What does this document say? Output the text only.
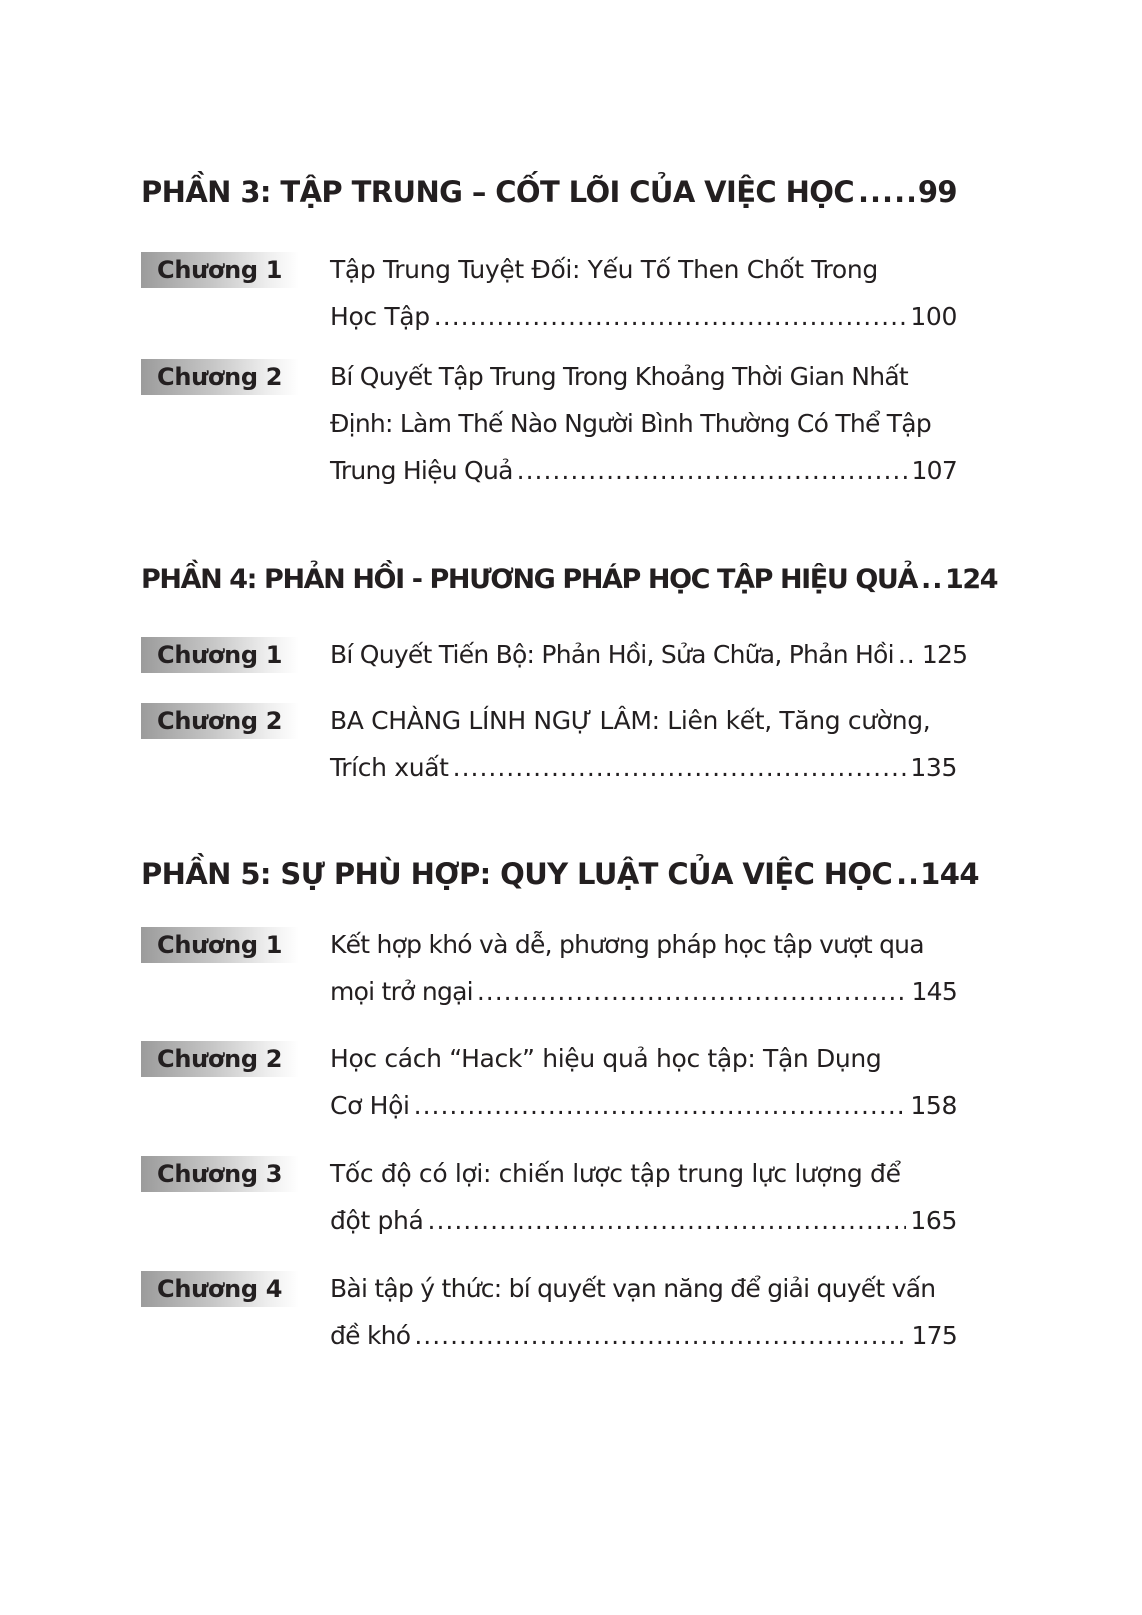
PHẦN 3: TẬP TRUNG – CỐT LÕI CỦA VIỆC HỌC ..... 99
Chương 1	Tập Trung Tuyệt Đối: Yếu Tố Then Chốt Trong
Học Tập .....	100
Chương 2	Bí Quyết Tập Trung Trong Khoảng Thời Gian Nhất
Định: Làm Thế Nào Người Bình Thường Có Thể Tập
Trung Hiệu Quả .....	107
PHẦN 4: PHẢN HỒI - PHƯƠNG PHÁP HỌC TẬP HIỆU QUẢ ..... 124
Chương 1	Bí Quyết Tiến Bộ: Phản Hồi, Sửa Chữa, Phản Hồi ..... 125
Chương 2	BA CHÀNG LÍNH NGỰ LÂM: Liên kết, Tăng cường,
Trích xuất .....	135
PHẦN 5: SỰ PHÙ HỢP: QUY LUẬT CỦA VIỆC HỌC ..... 144
Chương 1	Kết hợp khó và dễ, phương pháp học tập vượt qua
mọi trở ngại .....	145
Chương 2	Học cách “Hack” hiệu quả học tập: Tận Dụng
Cơ Hội .....	158
Chương 3	Tốc độ có lợi: chiến lược tập trung lực lượng để
đột phá .....	165
Chương 4	Bài tập ý thức: bí quyết vạn năng để giải quyết vấn
đề khó .....	175
